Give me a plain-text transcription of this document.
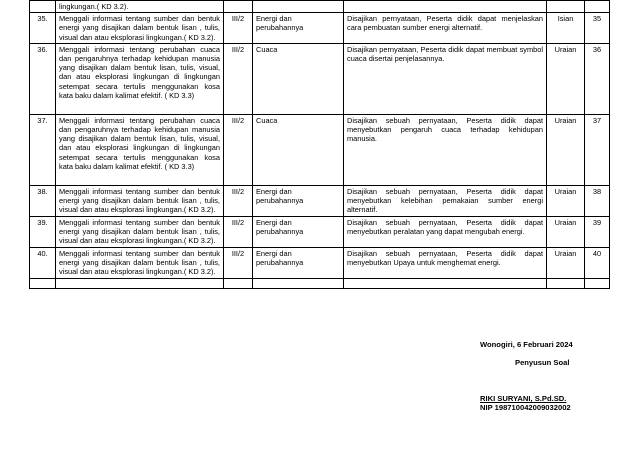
	lingkungan.( KD 3.2).					
35.	Menggali informasi tentang sumber dan bentuk energi yang disajikan dalam bentuk lisan , tulis, visual dan atau eksplorasi lingkungan.( KD 3.2).	III/2	Energi dan perubahannya	Disajikan pernyataan, Peserta didik dapat menjelaskan cara pembuatan sumber energi alternatif.	Isian	35
36.	Menggali informasi tentang perubahan cuaca dan pengaruhnya terhadap kehidupan manusia yang disajikan dalam bentuk lisan, tulis, visual, dan atau eksplorasi lingkungan di lingkungan setempat secara tertulis menggunakan kosa kata baku dalam kalimat efektif. ( KD 3.3)	III/2	Cuaca	Disajikan pernyataan, Peserta didik dapat membuat symbol cuaca disertai penjelasannya.	Uraian	36
37.	Menggali informasi tentang perubahan cuaca dan pengaruhnya terhadap kehidupan manusia yang disajikan dalam bentuk lisan, tulis, visual, dan atau eksplorasi lingkungan di lingkungan setempat secara tertulis menggunakan kosa kata baku dalam kalimat efektif. ( KD 3.3)	III/2	Cuaca	Disajikan sebuah pernyataan, Peserta didik dapat menyebutkan pengaruh cuaca terhadap kehidupan manusia.	Uraian	37
38.	Menggali informasi tentang sumber dan bentuk energi yang disajikan dalam bentuk lisan , tulis, visual dan atau eksplorasi lingkungan.( KD 3.2).	III/2	Energi dan perubahannya	Disajikan sebuah pernyataan, Peserta didik dapat menyebutkan kelebihan pemakaian sumber energi alternatif.	Uraian	38
39.	Menggali informasi tentang sumber dan bentuk energi yang disajikan dalam bentuk lisan , tulis, visual dan atau eksplorasi lingkungan.( KD 3.2).	III/2	Energi dan perubahannya	Disajikan sebuah pernyataan, Peserta didik dapat menyebutkan peralatan yang dapat mengubah energi.	Uraian	39
40.	Menggali informasi tentang sumber dan bentuk energi yang disajikan dalam bentuk lisan , tulis, visual dan atau eksplorasi lingkungan.( KD 3.2).	III/2	Energi dan perubahannya	Disajikan sebuah pernyataan, Peserta didik dapat menyebutkan Upaya untuk menghemat energi.	Uraian	40

Wonogiri, 6 Februari 2024
Penyusun Soal
RIKI SURYANI, S.Pd.SD.
NIP 198710042009032002
